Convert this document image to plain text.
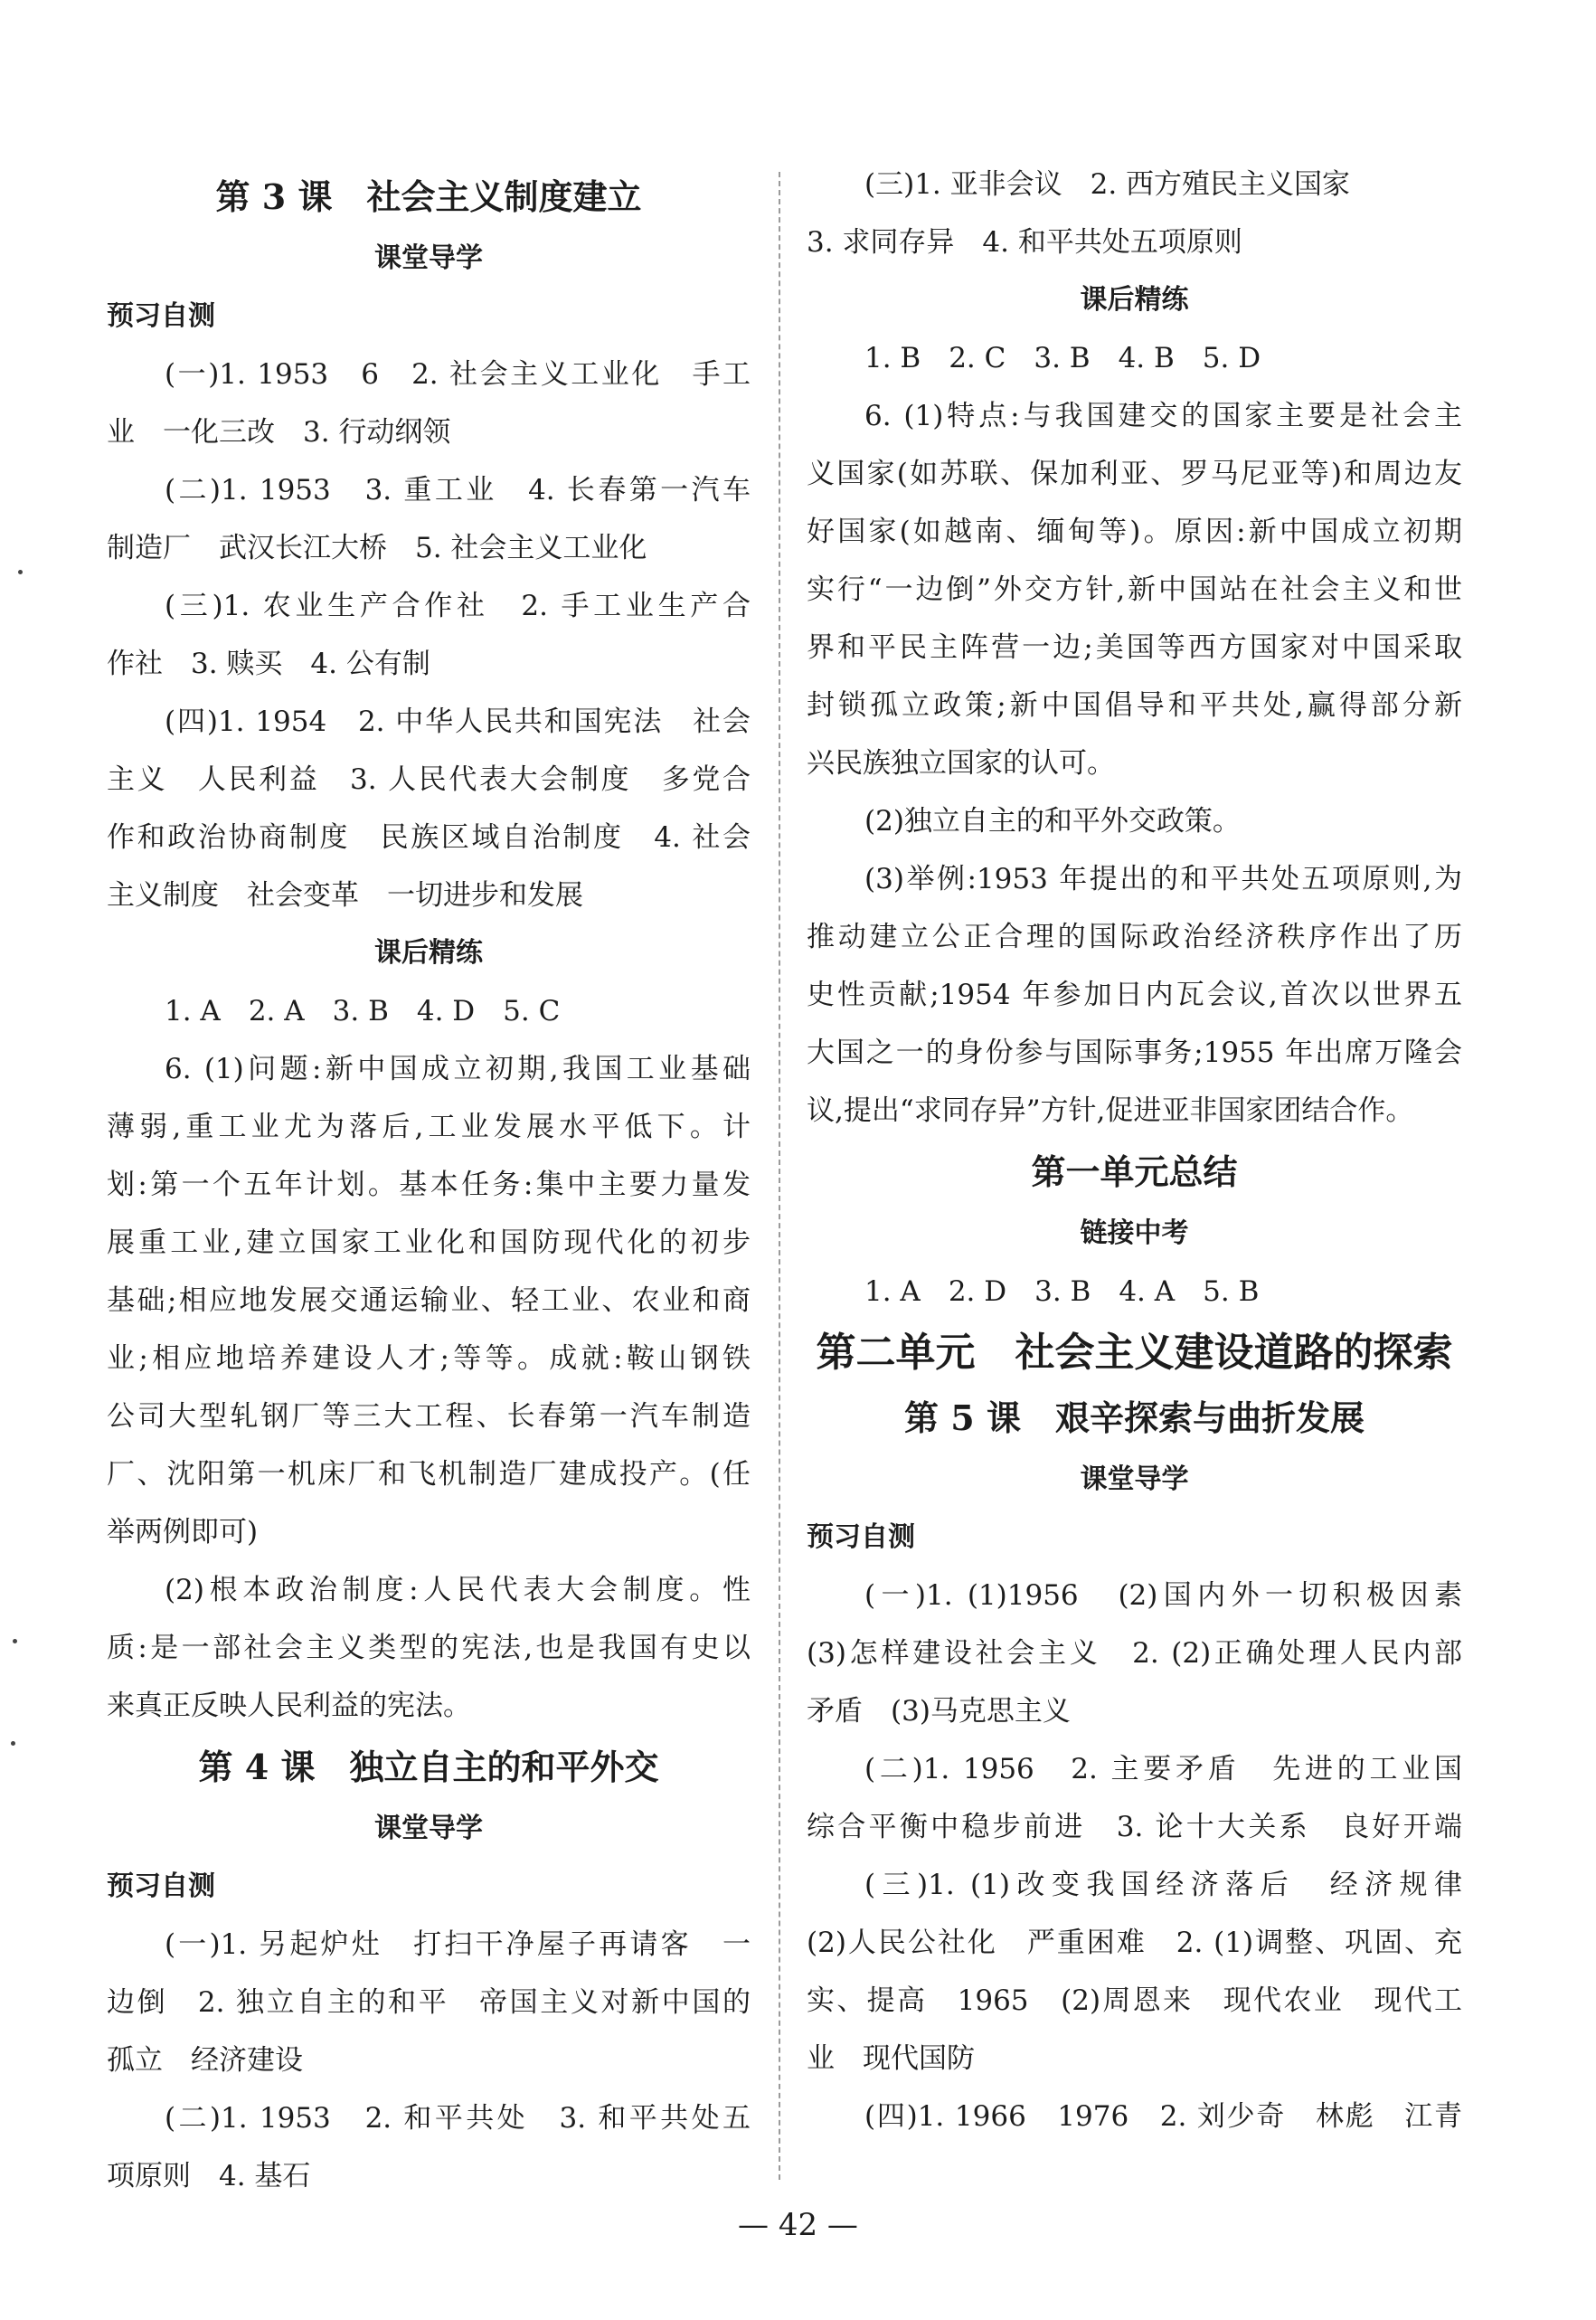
第 3 课　社会主义制度建立
课堂导学
预习自测
(一)1. 1953　6　2. 社会主义工业化　手工
业　一化三改　3. 行动纲领
(二)1. 1953　3. 重工业　4. 长春第一汽车
制造厂　武汉长江大桥　5. 社会主义工业化
(三)1. 农业生产合作社　2. 手工业生产合
作社　3. 赎买　4. 公有制
(四)1. 1954　2. 中华人民共和国宪法　社会
主义　人民利益　3. 人民代表大会制度　多党合
作和政治协商制度　民族区域自治制度　4. 社会
主义制度　社会变革　一切进步和发展
课后精练
1. A　2. A　3. B　4. D　5. C
6. (1)问题:新中国成立初期,我国工业基础
薄弱,重工业尤为落后,工业发展水平低下。计
划:第一个五年计划。基本任务:集中主要力量发
展重工业,建立国家工业化和国防现代化的初步
基础;相应地发展交通运输业、轻工业、农业和商
业;相应地培养建设人才;等等。成就:鞍山钢铁
公司大型轧钢厂等三大工程、长春第一汽车制造
厂、沈阳第一机床厂和飞机制造厂建成投产。(任
举两例即可)
(2)根本政治制度:人民代表大会制度。性
质:是一部社会主义类型的宪法,也是我国有史以
来真正反映人民利益的宪法。
第 4 课　独立自主的和平外交
课堂导学
预习自测
(一)1. 另起炉灶　打扫干净屋子再请客　一
边倒　2. 独立自主的和平　帝国主义对新中国的
孤立　经济建设
(二)1. 1953　2. 和平共处　3. 和平共处五
项原则　4. 基石
(三)1. 亚非会议　2. 西方殖民主义国家
3. 求同存异　4. 和平共处五项原则
课后精练
1. B　2. C　3. B　4. B　5. D
6. (1)特点:与我国建交的国家主要是社会主
义国家(如苏联、保加利亚、罗马尼亚等)和周边友
好国家(如越南、缅甸等)。原因:新中国成立初期
实行“一边倒”外交方针,新中国站在社会主义和世
界和平民主阵营一边;美国等西方国家对中国采取
封锁孤立政策;新中国倡导和平共处,赢得部分新
兴民族独立国家的认可。
(2)独立自主的和平外交政策。
(3)举例:1953 年提出的和平共处五项原则,为
推动建立公正合理的国际政治经济秩序作出了历
史性贡献;1954 年参加日内瓦会议,首次以世界五
大国之一的身份参与国际事务;1955 年出席万隆会
议,提出“求同存异”方针,促进亚非国家团结合作。
第一单元总结
链接中考
1. A　2. D　3. B　4. A　5. B
第二单元　社会主义建设道路的探索
第 5 课　艰辛探索与曲折发展
课堂导学
预习自测
(一)1. (1)1956　(2)国内外一切积极因素
(3)怎样建设社会主义　2. (2)正确处理人民内部
矛盾　(3)马克思主义
(二)1. 1956　2. 主要矛盾　先进的工业国
综合平衡中稳步前进　3. 论十大关系　良好开端
(三)1. (1)改变我国经济落后　经济规律
(2)人民公社化　严重困难　2. (1)调整、巩固、充
实、提高　1965　(2)周恩来　现代农业　现代工
业　现代国防
(四)1. 1966　1976　2. 刘少奇　林彪　江青
— 42 —
